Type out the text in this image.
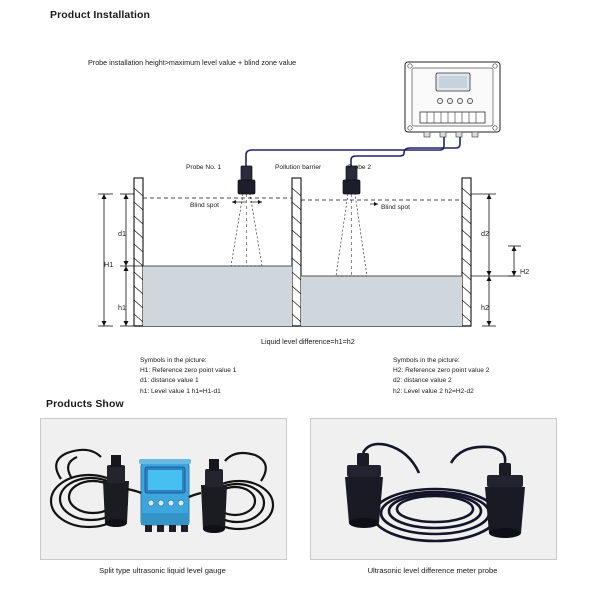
Product Installation
Probe installation height>maximum level value + blind zone value
Probe No. 1	Pollution barrier	Probe 2
Blind spot	Blind spot
d1
H1
h1
d2
H2
h2
Liquid level difference=h1=h2
Symbols in the picture:
H1: Reference zero point value 1
d1: distance value 1
h1: Level value 1 h1=H1-d1
Symbols in the picture:
H2: Reference zero point value 2
d2: distance value 2
h2: Level value 2 h2=H2-d2
Products Show
Split type ultrasonic liquid level gauge	Ultrasonic level difference meter probe
